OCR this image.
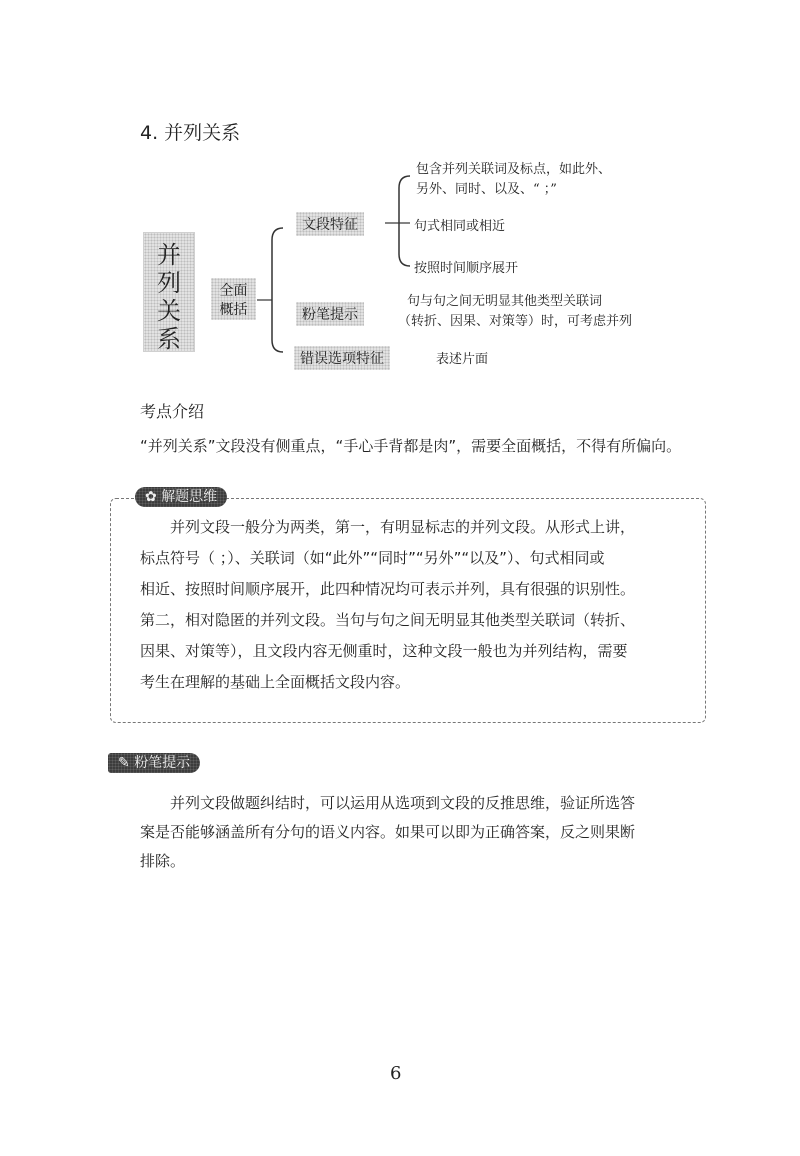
4. 并列关系
并
列
关
系
全面
概括
文段特征
粉笔提示
错误选项特征
包含并列关联词及标点，如此外、
另外、同时、以及、“ ；”
句式相同或相近
按照时间顺序展开
句与句之间无明显其他类型关联词
（转折、因果、对策等）时，可考虑并列
表述片面
考点介绍
“并列关系”文段没有侧重点，“手心手背都是肉”，需要全面概括，不得有所偏向。
✿ 解题思维

并列文段一般分为两类，第一，有明显标志的并列文段。从形式上讲，

标点符号（ ；）、关联词（如“此外”“同时”“另外”“以及”）、句式相同或

相近、按照时间顺序展开，此四种情况均可表示并列，具有很强的识别性。

第二，相对隐匿的并列文段。当句与句之间无明显其他类型关联词（转折、

因果、对策等），且文段内容无侧重时，这种文段一般也为并列结构，需要

考生在理解的基础上全面概括文段内容。

✎ 粉笔提示

并列文段做题纠结时，可以运用从选项到文段的反推思维，验证所选答

案是否能够涵盖所有分句的语义内容。如果可以即为正确答案，反之则果断

排除。

6
